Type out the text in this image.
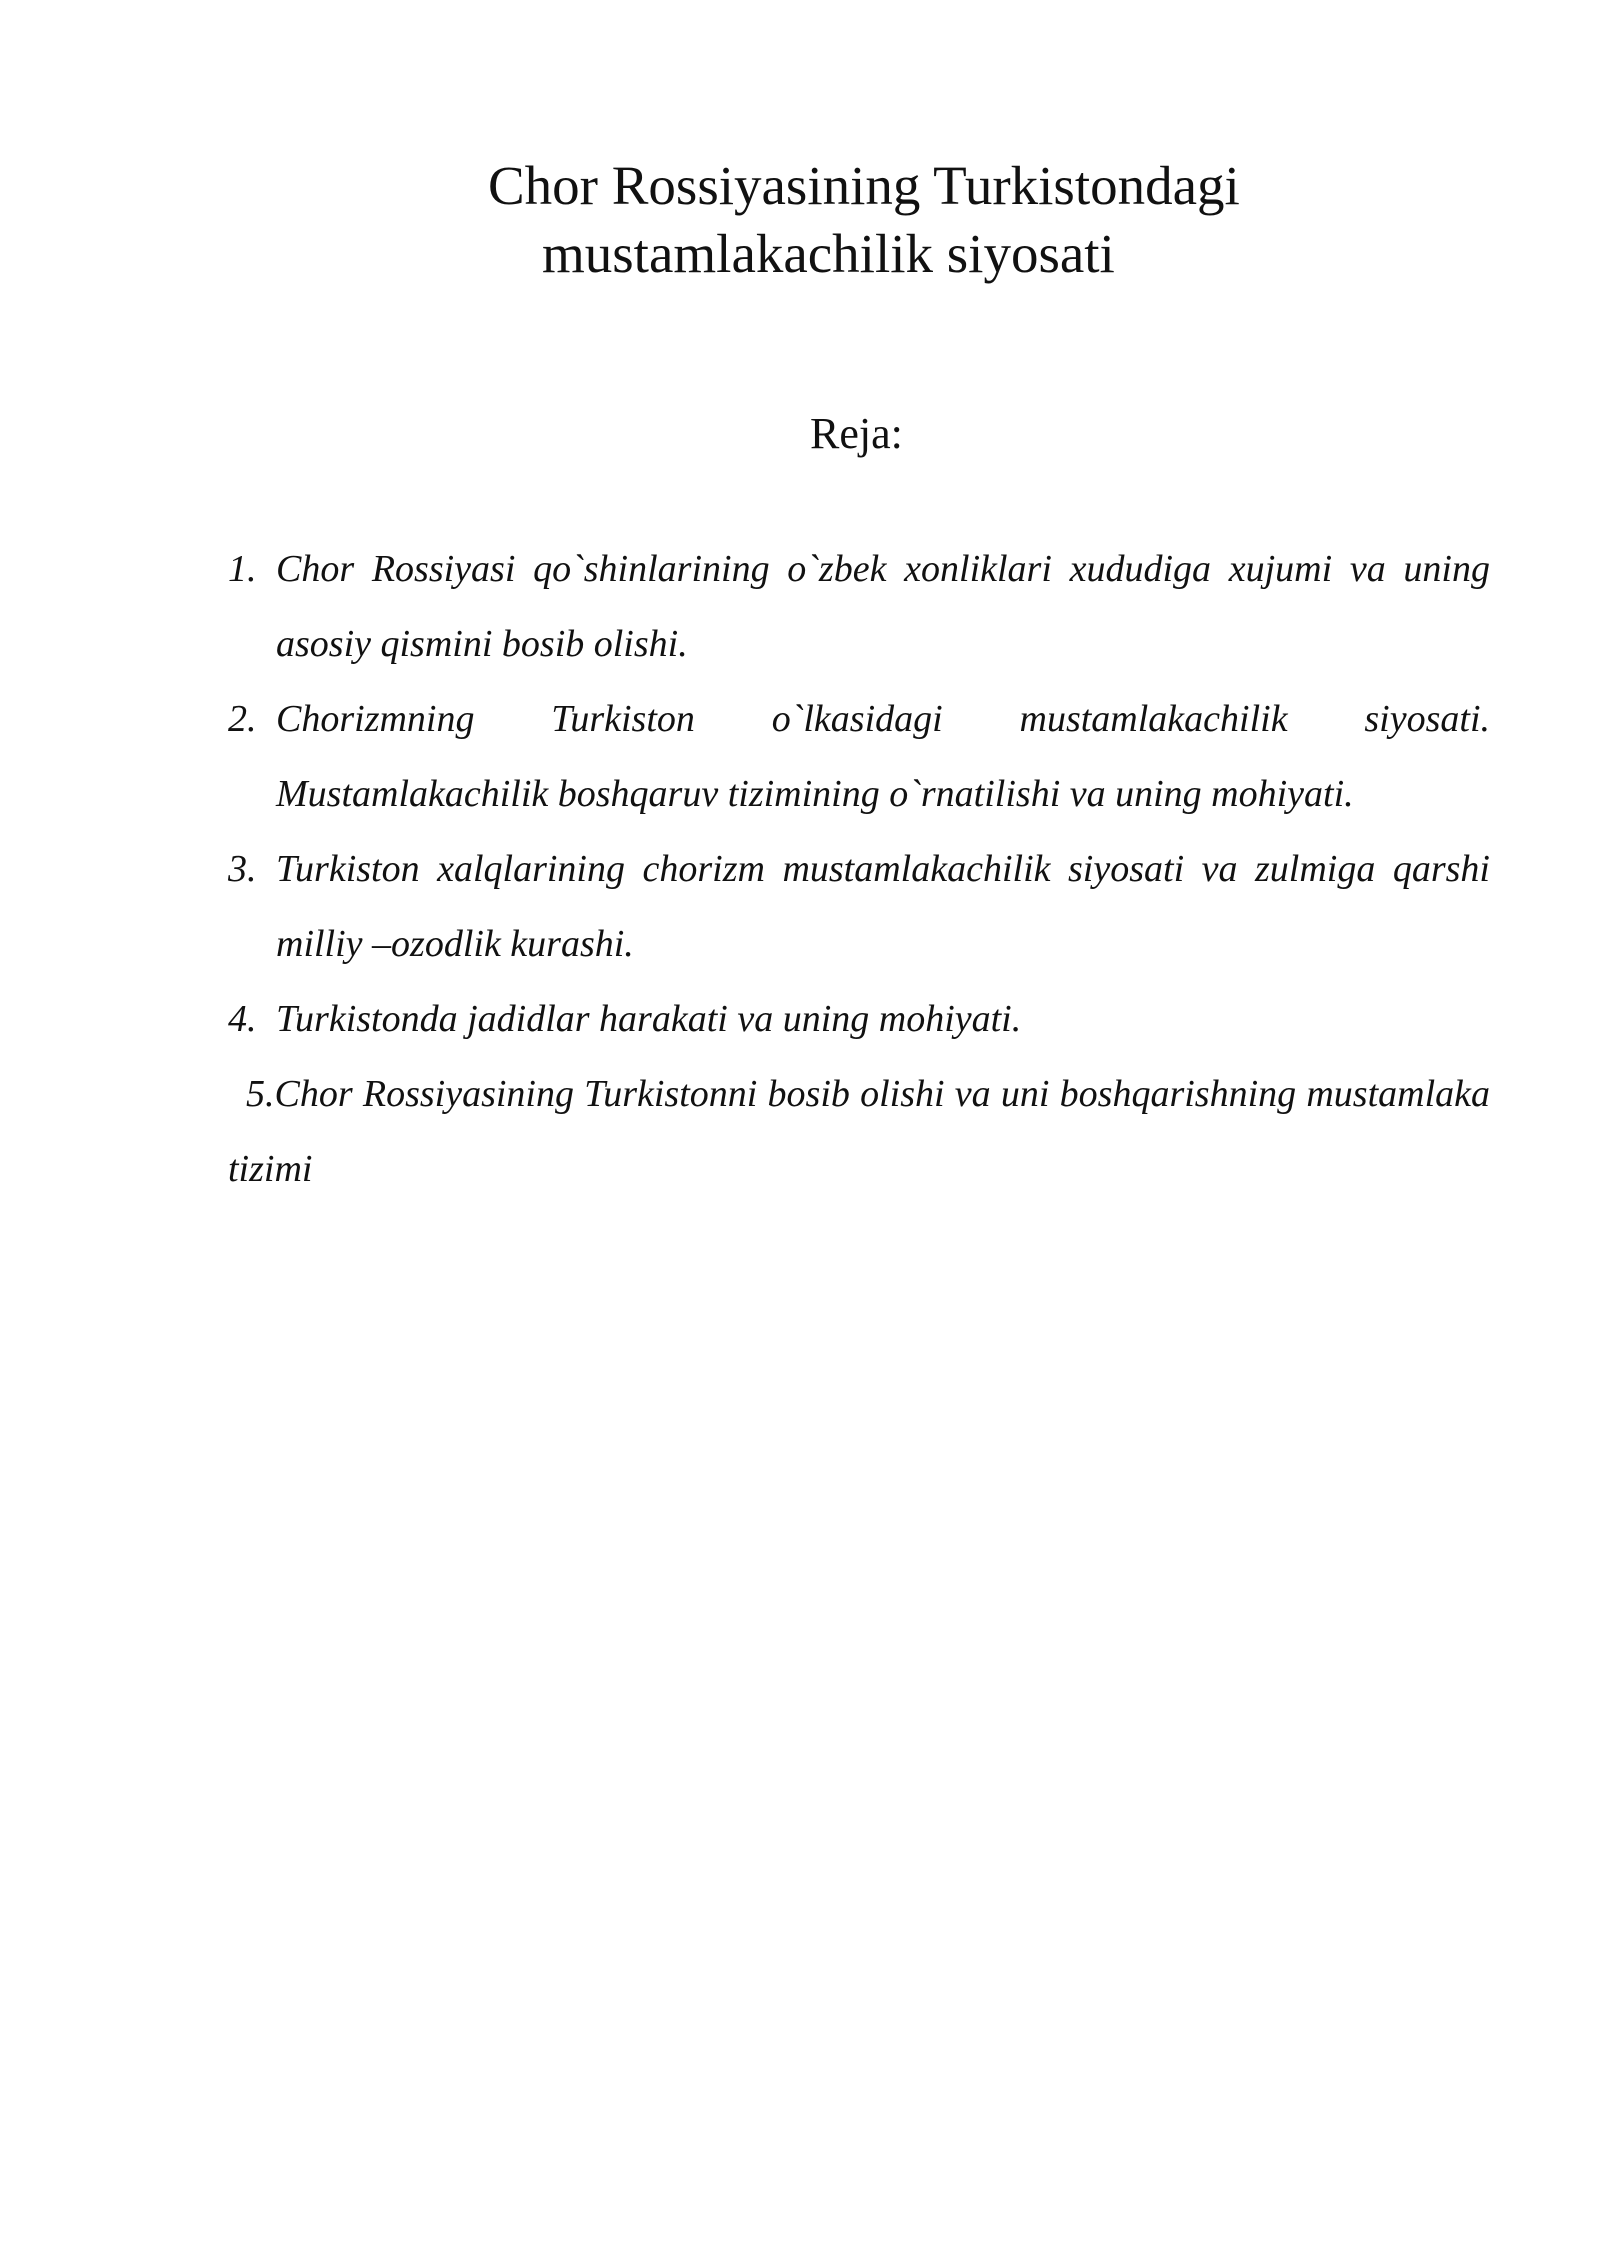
Chor Rossiyasining Turkistondagi
mustamlakachilik siyosati

Reja:

1. Chor Rossiyasi qo`shinlarining o`zbek xonliklari xududiga xujumi va uning asosiy qismini bosib olishi.
2. Chorizmning Turkiston o`lkasidagi mustamlakachilik siyosati. Mustamlakachilik boshqaruv tizimining o`rnatilishi va uning mohiyati.
3. Turkiston xalqlarining chorizm mustamlakachilik siyosati va zulmiga qarshi milliy –ozodlik kurashi.
4. Turkistonda jadidlar harakati va uning mohiyati.
5.Chor Rossiyasining Turkistonni bosib olishi va uni boshqarishning mustamlaka tizimi
